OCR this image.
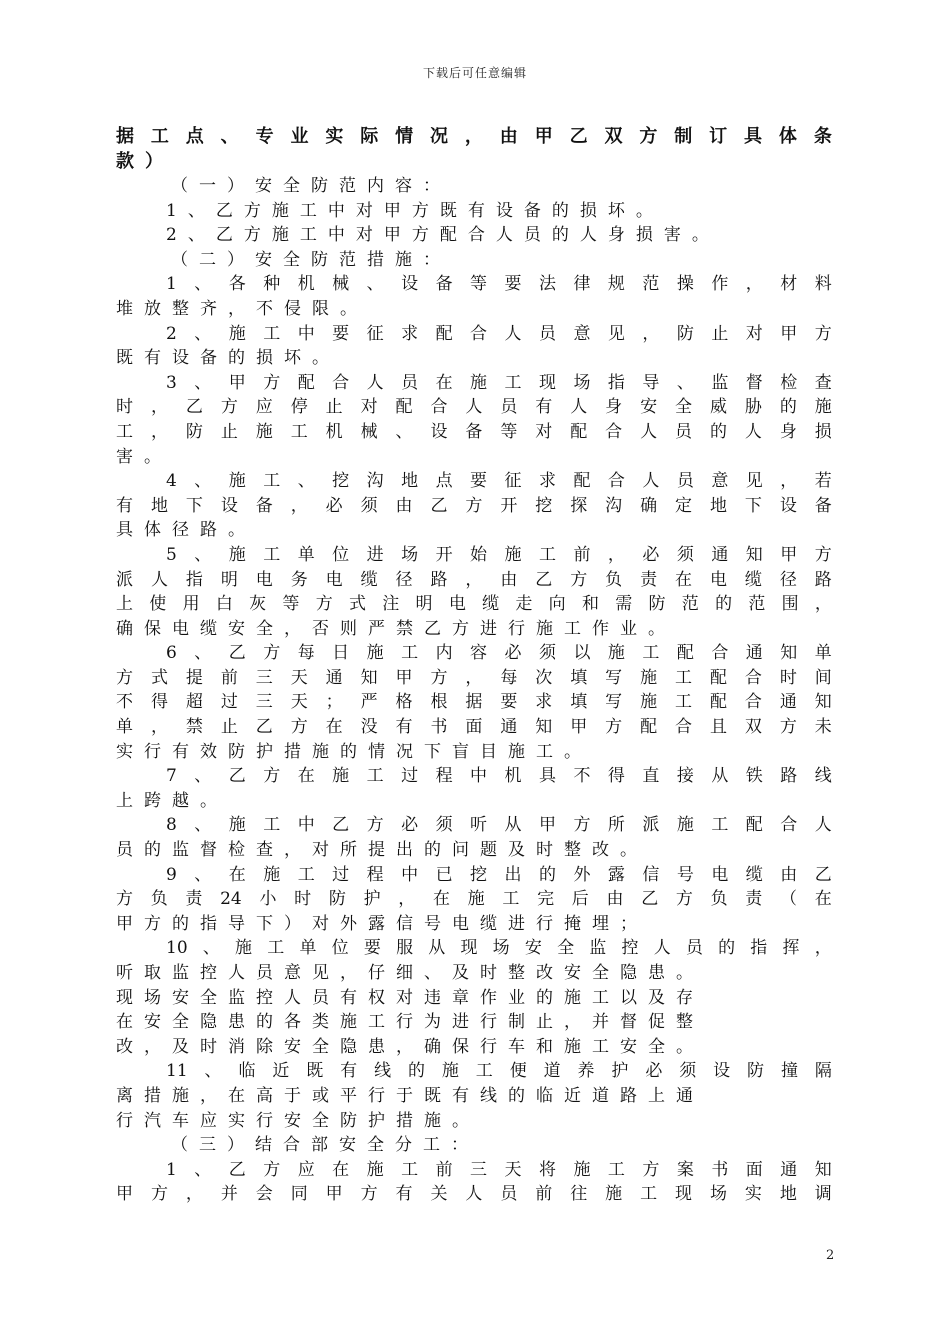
下载后可任意编辑
据 工 点 、 专 业 实 际 情 况 ， 由 甲 乙 双 方 制 订 具 体 条
款 ）
（ 一 ） 安 全 防 范 内 容 ：
1 、 乙 方 施 工 中 对 甲 方 既 有 设 备 的 损 坏 。
2 、 乙 方 施 工 中 对 甲 方 配 合 人 员 的 人 身 损 害 。
（ 二 ） 安 全 防 范 措 施 ：
1 、 各 种 机 械 、 设 备 等 要 法 律 规 范 操 作 ， 材 料
堆 放 整 齐 ， 不 侵 限 。
2 、 施 工 中 要 征 求 配 合 人 员 意 见 ， 防 止 对 甲 方
既 有 设 备 的 损 坏 。
3 、 甲 方 配 合 人 员 在 施 工 现 场 指 导 、 监 督 检 查
时 ， 乙 方 应 停 止 对 配 合 人 员 有 人 身 安 全 威 胁 的 施
工 ， 防 止 施 工 机 械 、 设 备 等 对 配 合 人 员 的 人 身 损
害 。
4 、 施 工 、 挖 沟 地 点 要 征 求 配 合 人 员 意 见 ， 若
有 地 下 设 备 ， 必 须 由 乙 方 开 挖 探 沟 确 定 地 下 设 备
具 体 径 路 。
5 、 施 工 单 位 进 场 开 始 施 工 前 ， 必 须 通 知 甲 方
派 人 指 明 电 务 电 缆 径 路 ， 由 乙 方 负 责 在 电 缆 径 路
上 使 用 白 灰 等 方 式 注 明 电 缆 走 向 和 需 防 范 的 范 围 ，
确 保 电 缆 安 全 ， 否 则 严 禁 乙 方 进 行 施 工 作 业 。
6 、 乙 方 每 日 施 工 内 容 必 须 以 施 工 配 合 通 知 单
方 式 提 前 三 天 通 知 甲 方 ， 每 次 填 写 施 工 配 合 时 间
不 得 超 过 三 天 ； 严 格 根 据 要 求 填 写 施 工 配 合 通 知
单 ， 禁 止 乙 方 在 没 有 书 面 通 知 甲 方 配 合 且 双 方 未
实 行 有 效 防 护 措 施 的 情 况 下 盲 目 施 工 。
7 、 乙 方 在 施 工 过 程 中 机 具 不 得 直 接 从 铁 路 线
上 跨 越 。
8 、 施 工 中 乙 方 必 须 听 从 甲 方 所 派 施 工 配 合 人
员 的 监 督 检 查 ， 对 所 提 出 的 问 题 及 时 整 改 。
9 、 在 施 工 过 程 中 已 挖 出 的 外 露 信 号 电 缆 由 乙
方 负 责 24 小 时 防 护 ， 在 施 工 完 后 由 乙 方 负 责 （ 在
甲 方 的 指 导 下 ） 对 外 露 信 号 电 缆 进 行 掩 埋 ；
10 、 施 工 单 位 要 服 从 现 场 安 全 监 控 人 员 的 指 挥 ，
听 取 监 控 人 员 意 见 ， 仔 细 、 及 时 整 改 安 全 隐 患 。
现 场 安 全 监 控 人 员 有 权 对 违 章 作 业 的 施 工 以 及 存
在 安 全 隐 患 的 各 类 施 工 行 为 进 行 制 止 ， 并 督 促 整
改 ， 及 时 消 除 安 全 隐 患 ， 确 保 行 车 和 施 工 安 全 。
11 、 临 近 既 有 线 的 施 工 便 道 养 护 必 须 设 防 撞 隔
离 措 施 ， 在 高 于 或 平 行 于 既 有 线 的 临 近 道 路 上 通
行 汽 车 应 实 行 安 全 防 护 措 施 。
（ 三 ） 结 合 部 安 全 分 工 ：
1 、 乙 方 应 在 施 工 前 三 天 将 施 工 方 案 书 面 通 知
甲 方 ， 并 会 同 甲 方 有 关 人 员 前 往 施 工 现 场 实 地 调
2
